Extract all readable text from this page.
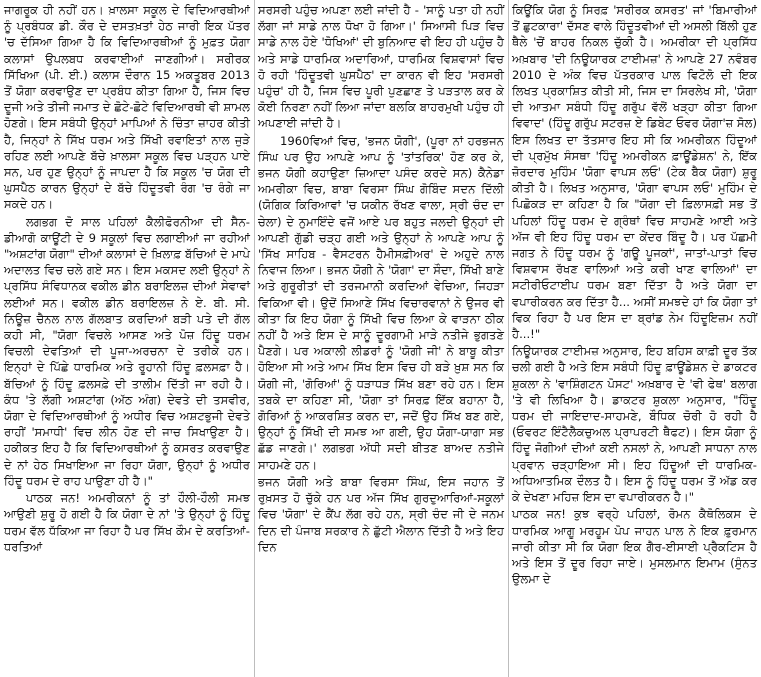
ਜਾਗਰੂਕ ਹੀ ਨਹੀਂ ਹਨ। ਖ਼ਾਲਸਾ ਸਕੂਲ ਦੇ ਵਿਦਿਆਰਥੀਆਂ ਨੂੰ ਪ੍ਰਬੰਧਕ ਡੀ. ਕੌਰ ਦੇ ਦਸਤਖ਼ਤਾਂ ਹੇਠ ਜਾਰੀ ਇਕ ਪੱਤਰ 'ਚ ਦੱਸਿਆ ਗਿਆ ਹੈ ਕਿ ਵਿਦਿਆਰਥੀਆਂ ਨੂੰ ਮੁਫ਼ਤ ਯੋਗਾ ਕਲਾਸਾਂ ਉਪਲਬਧ ਕਰਵਾਈਆਂ ਜਾਣਗੀਆਂ। ਸਰੀਰਕ ਸਿੱਖਿਆ (ਪੀ. ਈ.) ਕਲਾਸ ਦੌਰਾਨ 15 ਅਕਤੂਬਰ 2013 ਤੋਂ ਯੋਗਾ ਕਰਵਾਉਣ ਦਾ ਪ੍ਰਬੰਧ ਕੀਤਾ ਗਿਆ ਹੈ, ਜਿਸ ਵਿਚ ਦੂਜੀ ਅਤੇ ਤੀਜੀ ਜਮਾਤ ਦੇ ਛੋਟੇ-ਛੋਟੇ ਵਿਦਿਆਰਥੀ ਵੀ ਸ਼ਾਮਲ ਹੋਣਗੇ। ਇਸ ਸਬੰਧੀ ਉਨ੍ਹਾਂ ਮਾਪਿਆਂ ਨੇ ਚਿੰਤਾ ਜ਼ਾਹਰ ਕੀਤੀ ਹੈ, ਜਿਨ੍ਹਾਂ ਨੇ ਸਿੱਖ ਧਰਮ ਅਤੇ ਸਿੱਖੀ ਰਵਾਇਤਾਂ ਨਾਲ ਜੁੜੇ ਰਹਿਣ ਲਈ ਆਪਣੇ ਬੱਚੇ ਖ਼ਾਲਸਾ ਸਕੂਲ ਵਿਚ ਪੜ੍ਹਨ ਪਾਏ ਸਨ, ਪਰ ਹੁਣ ਉਨ੍ਹਾਂ ਨੂੰ ਜਾਪਦਾ ਹੈ ਕਿ ਸਕੂਲ 'ਚ ਯੋਗ ਦੀ ਘੁਸਪੈਠ ਕਾਰਨ ਉਨ੍ਹਾਂ ਦੇ ਬੱਚੇ ਹਿੰਦੂਤਵੀ ਰੰਗ 'ਚ ਰੰਗੇ ਜਾ ਸਕਦੇ ਹਨ।

ਲਗਭਗ ਦੋ ਸਾਲ ਪਹਿਲਾਂ ਕੈਲੀਫੋਰਨੀਆ ਦੀ ਸੈਨ-ਡੀਆਗੋ ਕਾਊਂਟੀ ਦੇ 9 ਸਕੂਲਾਂ ਵਿਚ ਲਗਾਈਆਂ ਜਾ ਰਹੀਆਂ "ਅਸ਼ਟਾਂਗ ਯੋਗਾ" ਦੀਆਂ ਕਲਾਸਾਂ ਦੇ ਖ਼ਿਲਾਫ਼ ਬੱਚਿਆਂ ਦੇ ਮਾਪੇ ਅਦਾਲਤ ਵਿਚ ਚਲੇ ਗਏ ਸਨ। ਇਸ ਮਕਸਦ ਲਈ ਉਨ੍ਹਾਂ ਨੇ ਪ੍ਰਸਿੱਧ ਸੰਵਿਧਾਨਕ ਵਕੀਲ ਡੀਨ ਬਰਾਇਲਜ਼ ਦੀਆਂ ਸੇਵਾਵਾਂ ਲਈਆਂ ਸਨ। ਵਕੀਲ ਡੀਨ ਬਰਾਇਲਜ਼ ਨੇ ਏ. ਬੀ. ਸੀ. ਨਿਊਜ਼ ਚੈਨਲ ਨਾਲ ਗੱਲਬਾਤ ਕਰਦਿਆਂ ਬੜੀ ਪਤੇ ਦੀ ਗੱਲ ਕਹੀ ਸੀ, "ਯੋਗਾ ਵਿਚਲੇ ਆਸਣ ਅਤੇ ਪੋਜ਼ ਹਿੰਦੂ ਧਰਮ ਵਿਚਲੀ ਦੇਵਤਿਆਂ ਦੀ ਪੂਜਾ-ਅਰਚਨਾ ਦੇ ਤਰੀਕੇ ਹਨ। ਇਨ੍ਹਾਂ ਦੇ ਪਿੱਛੇ ਧਾਰਮਿਕ ਅਤੇ ਰੂਹਾਨੀ ਹਿੰਦੂ ਫ਼ਲਸਫ਼ਾ ਹੈ। ਬੱਚਿਆਂ ਨੂੰ ਹਿੰਦੂ ਫ਼ਲਸਫ਼ੇ ਦੀ ਤਾਲੀਮ ਦਿੱਤੀ ਜਾ ਰਹੀ ਹੈ। ਕੰਧ 'ਤੇ ਲੱਗੀ ਅਸ਼ਟਾਂਗ (ਅੱਠ ਅੰਗ) ਦੇਵਤੇ ਦੀ ਤਸਵੀਰ, ਯੋਗਾ ਦੇ ਵਿਦਿਆਰਥੀਆਂ ਨੂੰ ਅਧੀਰ ਵਿਚ ਅਸ਼ਟਭੁਜੀ ਦੇਵਤੇ ਰਾਹੀਂ 'ਸਮਾਧੀ' ਵਿਚ ਲੀਨ ਹੋਣ ਦੀ ਜਾਚ ਸਿਖਾਉਣਾ ਹੈ। ਹਕੀਕਤ ਇਹ ਹੈ ਕਿ ਵਿਦਿਆਰਥੀਆਂ ਨੂੰ ਕਸਰਤ ਕਰਵਾਉਣ ਦੇ ਨਾਂ ਹੇਠ ਸਿਖਾਇਆ ਜਾ ਰਿਹਾ ਯੋਗਾ, ਉਨ੍ਹਾਂ ਨੂੰ ਅਧੀਰ ਹਿੰਦੂ ਧਰਮ ਦੇ ਰਾਹ ਪਾਉਣਾ ਹੀ ਹੈ।"

ਪਾਠਕ ਜਨ! ਅਮਰੀਕਨਾਂ ਨੂੰ ਤਾਂ ਹੌਲੀ-ਹੌਲੀ ਸਮਝ ਆਉਣੀ ਸ਼ੁਰੂ ਹੋ ਗਈ ਹੈ ਕਿ ਯੋਗਾ ਦੇ ਨਾਂ 'ਤੇ ਉਨ੍ਹਾਂ ਨੂੰ ਹਿੰਦੂ ਧਰਮ ਵੱਲ ਧੱਕਿਆ ਜਾ ਰਿਹਾ ਹੈ ਪਰ ਸਿੱਖ ਕੌਮ ਦੇ ਕਰਤਿਆਂ-ਧਰਤਿਆਂ

ਸਰਸਰੀ ਪਹੁੰਚ ਅਪਣਾ ਲਈ ਜਾਂਦੀ ਹੈ - 'ਸਾਨੂੰ ਪਤਾ ਹੀ ਨਹੀਂ ਲੱਗਾ ਜਾਂ ਸਾਡੇ ਨਾਲ ਧੋਖਾ ਹੋ ਗਿਆ।' ਸਿਆਸੀ ਪਿੜ ਵਿਚ ਸਾਡੇ ਨਾਲ ਹੋਏ 'ਧੋਖਿਆਂ' ਦੀ ਬੁਨਿਆਦ ਵੀ ਇਹ ਹੀ ਪਹੁੰਚ ਹੈ ਅਤੇ ਸਾਡੇ ਧਾਰਮਿਕ ਅਦਾਰਿਆਂ, ਧਾਰਮਿਕ ਵਿਸ਼ਵਾਸਾਂ ਵਿਚ ਹੋ ਰਹੀ 'ਹਿੰਦੂਤਵੀ ਘੁਸਪੈਠ' ਦਾ ਕਾਰਨ ਵੀ ਇਹ 'ਸਰਸਰੀ ਪਹੁੰਚ' ਹੀ ਹੈ, ਜਿਸ ਵਿਚ ਪੂਰੀ ਪੁਣਛਾਣ ਤੇ ਪੜਤਾਲ ਕਰ ਕੇ ਕੋਈ ਨਿਰਣਾ ਨਹੀਂ ਲਿਆ ਜਾਂਦਾ ਬਲਕਿ ਬਾਹਰਮੁਖੀ ਪਹੁੰਚ ਹੀ ਅਪਣਾਈ ਜਾਂਦੀ ਹੈ।

1960ਵਿਆਂ ਵਿਚ, 'ਭਜਨ ਯੋਗੀ', (ਪੂਰਾ ਨਾਂ ਹਰਭਜਨ ਸਿੰਘ ਪਰ ਉਹ ਆਪਣੇ ਆਪ ਨੂੰ 'ਤਾਂਤਰਿਕ' ਹੋਣ ਕਰ ਕੇ, ਭਜਨ ਯੋਗੀ ਕਹਾਉਣਾ ਜ਼ਿਆਦਾ ਪਸੰਦ ਕਰਦੇ ਸਨ) ਕੈਨੇਡਾ ਅਮਰੀਕਾ ਵਿਚ, ਬਾਬਾ ਵਿਰਸਾ ਸਿੰਘ ਗੋਬਿੰਦ ਸਦਨ ਦਿੱਲੀ (ਯੋਗਿਕ ਕਿਰਿਆਵਾਂ 'ਚ ਯਕੀਨ ਰੱਖਣ ਵਾਲਾ, ਸ੍ਰੀ ਚੰਦ ਦਾ ਚੇਲਾ) ਦੇ ਨੁਮਾਇੰਦੇ ਵਜੋਂ ਆਏ ਪਰ ਬਹੁਤ ਜਲਦੀ ਉਨ੍ਹਾਂ ਦੀ ਆਪਣੀ ਗੁੱਡੀ ਚੜ੍ਹ ਗਈ ਅਤੇ ਉਨ੍ਹਾਂ ਨੇ ਆਪਣੇ ਆਪ ਨੂੰ 'ਸਿੱਖ ਸਾਹਿਬ - ਵੈਸਟਰਨ ਹੈਮੀਸਫ਼ੀਅਰ' ਦੇ ਅਹੁਦੇ ਨਾਲ ਨਿਵਾਜ ਲਿਆ। ਭਜਨ ਯੋਗੀ ਨੇ 'ਯੋਗਾ' ਦਾ ਸੌਦਾ, ਸਿੱਖੀ ਬਾਣੇ ਅਤੇ ਗੁਰੂਰੀਤਾਂ ਦੀ ਤਰਜਮਾਨੀ ਕਰਦਿਆਂ ਵੇਚਿਆ, ਜਿਹੜਾ ਵਿਕਿਆ ਵੀ। ਉਦੋਂ ਸਿਆਣੇ ਸਿੱਖ ਵਿਚਾਰਵਾਨਾਂ ਨੇ ਉਜਰ ਵੀ ਕੀਤਾ ਕਿ ਇਹ ਯੋਗਾ ਨੂੰ ਸਿੱਖੀ ਵਿਚ ਲਿਆ ਕੇ ਵਾੜਨਾ ਠੀਕ ਨਹੀਂ ਹੈ ਅਤੇ ਇਸ ਦੇ ਸਾਨੂੰ ਦੂਰਗਾਮੀ ਮਾੜੇ ਨਤੀਜੇ ਭੁਗਤਣੇ ਪੈਣਗੇ। ਪਰ ਅਕਾਲੀ ਲੀਡਰਾਂ ਨੂੰ 'ਯੋਗੀ ਜੀ' ਨੇ ਬਾਬੂ ਕੀਤਾ ਹੋਇਆ ਸੀ ਅਤੇ ਆਮ ਸਿੱਖ ਇਸ ਵਿਚ ਹੀ ਬੜੇ ਖ਼ੁਸ਼ ਸਨ ਕਿ ਯੋਗੀ ਜੀ, 'ਗੋਰਿਆਂ' ਨੂੰ ਧੜਾਧੜ ਸਿੱਖ ਬਣਾ ਰਹੇ ਹਨ। ਇਸ ਤਬਕੇ ਦਾ ਕਹਿਣਾ ਸੀ, 'ਯੋਗਾ ਤਾਂ ਸਿਰਫ਼ ਇੱਕ ਬਹਾਨਾ ਹੈ, ਗੋਰਿਆਂ ਨੂੰ ਆਕਰਸ਼ਿਤ ਕਰਨ ਦਾ, ਜਦੋਂ ਉਹ ਸਿੱਖ ਬਣ ਗਏ, ਉਨ੍ਹਾਂ ਨੂੰ ਸਿੱਖੀ ਦੀ ਸਮਝ ਆ ਗਈ, ਉਹ ਯੋਗਾ-ਯਾਗਾ ਸਭ ਛੱਡ ਜਾਣਗੇ।' ਲਗਭਗ ਅੱਧੀ ਸਦੀ ਬੀਤਣ ਬਾਅਦ ਨਤੀਜੇ ਸਾਹਮਣੇ ਹਨ।

ਭਜਨ ਯੋਗੀ ਅਤੇ ਬਾਬਾ ਵਿਰਸਾ ਸਿੰਘ, ਇਸ ਜਹਾਨ ਤੋਂ ਰੁਖ਼ਸਤ ਹੋ ਚੁੱਕੇ ਹਨ ਪਰ ਅੱਜ ਸਿੱਖ ਗੁਰਦੁਆਰਿਆਂ-ਸਕੂਲਾਂ ਵਿਚ 'ਯੋਗਾ' ਦੇ ਕੈਂਪ ਲੱਗ ਰਹੇ ਹਨ, ਸ੍ਰੀ ਚੰਦ ਜੀ ਦੇ ਜਨਮ ਦਿਨ ਦੀ ਪੰਜਾਬ ਸਰਕਾਰ ਨੇ ਛੁੱਟੀ ਐਲਾਨ ਦਿੱਤੀ ਹੈ ਅਤੇ ਇਹ ਦਿਨ

ਕਿਊਂਕਿ ਯੋਗ ਨੂੰ ਸਿਰਫ਼ 'ਸਰੀਰਕ ਕਸਰਤ' ਜਾਂ 'ਬਿਮਾਰੀਆਂ ਤੋਂ ਛੁਟਕਾਰਾ' ਦੱਸਣ ਵਾਲੇ ਹਿੰਦੂਤਵੀਆਂ ਦੀ ਅਸਲੀ ਬਿੱਲੀ ਹੁਣ ਥੈਲੇ 'ਚੋਂ ਬਾਹਰ ਨਿਕਲ ਚੁੱਕੀ ਹੈ। ਅਮਰੀਕਾ ਦੀ ਪ੍ਰਸਿੱਧ ਅਖ਼ਬਾਰ 'ਦੀ ਨਿਊਯਾਰਕ ਟਾਈਮਜ਼' ਨੇ ਆਪਣੇ 27 ਨਵੰਬਰ 2010 ਦੇ ਅੰਕ ਵਿਚ ਪੱਤਰਕਾਰ ਪਾਲ ਵਿਟੋਲੋ ਦੀ ਇਕ ਲਿਖਤ ਪ੍ਰਕਾਸ਼ਿਤ ਕੀਤੀ ਸੀ, ਜਿਸ ਦਾ ਸਿਰਲੇਖ ਸੀ, 'ਯੋਗਾ ਦੀ ਆਤਮਾ ਸਬੰਧੀ ਹਿੰਦੂ ਗਰੁੱਪ ਵੱਲੋਂ ਖੜ੍ਹਾ ਕੀਤਾ ਗਿਆ ਵਿਵਾਦ' (ਹਿੰਦੂ ਗਰੁੱਪ ਸਟਰਜ਼ ਏ ਡਿਬੇਟ ਓਵਰ ਯੋਗਾ'ਜ਼ ਸੋਲ) ਇਸ ਲਿਖਤ ਦਾ ਤੱਤਸਾਰ ਇਹ ਸੀ ਕਿ ਅਮਰੀਕਨ ਹਿੰਦੂਆਂ ਦੀ ਪ੍ਰਮੁੱਖ ਸੰਸਥਾ 'ਹਿੰਦੂ ਅਮਰੀਕਨ ਫ਼ਾਊਂਡੇਸ਼ਨ' ਨੇ, ਇੱਕ ਜ਼ੋਰਦਾਰ ਮੁਹਿੰਮ 'ਯੋਗਾ ਵਾਪਸ ਲਓ' (ਟੇਕ ਬੈਕ ਯੋਗਾ) ਸ਼ੁਰੂ ਕੀਤੀ ਹੈ। ਲਿਖਤ ਅਨੁਸਾਰ, 'ਯੋਗਾ ਵਾਪਸ ਲਓ' ਮੁਹਿੰਮ ਦੇ ਪਿਛੋਕੜ ਦਾ ਕਹਿਣਾ ਹੈ ਕਿ "ਯੋਗਾ ਦੀ ਫ਼ਿਲਾਸਫ਼ੀ ਸਭ ਤੋਂ ਪਹਿਲਾਂ ਹਿੰਦੂ ਧਰਮ ਦੇ ਗ੍ਰੰਥਾਂ ਵਿਚ ਸਾਹਮਣੇ ਆਈ ਅਤੇ ਅੱਜ ਵੀ ਇਹ ਹਿੰਦੂ ਧਰਮ ਦਾ ਕੇਂਦਰ ਬਿੰਦੂ ਹੈ। ਪਰ ਪੱਛਮੀ ਜਗਤ ਨੇ ਹਿੰਦੂ ਧਰਮ ਨੂੰ 'ਗਊ ਪੂਜਕਾਂ', ਜਾਤਾਂ-ਪਾਤਾਂ ਵਿਚ ਵਿਸ਼ਵਾਸ ਰੱਖਣ ਵਾਲਿਆਂ ਅਤੇ ਕਰੀ ਖਾਣ ਵਾਲਿਆਂ' ਦਾ ਸਟੀਰੀਓਟਾਈਪ ਧਰਮ ਬਣਾ ਦਿੱਤਾ ਹੈ ਅਤੇ ਯੋਗਾ ਦਾ ਵਪਾਰੀਕਰਨ ਕਰ ਦਿੱਤਾ ਹੈ... ਅਸੀਂ ਸਮਝਦੇ ਹਾਂ ਕਿ ਯੋਗਾ ਤਾਂ ਵਿਕ ਰਿਹਾ ਹੈ ਪਰ ਇਸ ਦਾ ਬ੍ਰਾਂਡ ਨੇਮ ਹਿੰਦੂਇਜ਼ਮ ਨਹੀਂ ਹੈ...!"

ਨਿਊਯਾਰਕ ਟਾਈਮਜ਼ ਅਨੁਸਾਰ, ਇਹ ਬਹਿਸ ਕਾਫ਼ੀ ਦੂਰ ਤੱਕ ਚਲੀ ਗਈ ਹੈ ਅਤੇ ਇਸ ਸਬੰਧੀ ਹਿੰਦੂ ਫ਼ਾਊਂਡੇਸ਼ਨ ਦੇ ਡਾਕਟਰ ਸ਼ੁਕਲਾ ਨੇ 'ਵਾਸ਼ਿੰਗਟਨ ਪੋਸਟ' ਅਖ਼ਬਾਰ ਦੇ 'ਵੀ ਫੇਥ' ਬਲਾਗ 'ਤੇ ਵੀ ਲਿਖਿਆ ਹੈ। ਡਾਕਟਰ ਸ਼ੁਕਲਾ ਅਨੁਸਾਰ, "ਹਿੰਦੂ ਧਰਮ ਦੀ ਜਾਇਦਾਦ-ਸਾਹਮਣੇ, ਬੌਧਿਕ ਚੋਰੀ ਹੋ ਰਹੀ ਹੈ (ਓਵਰਟ ਇੰਟੈਲੈਕਚੁਅਲ ਪ੍ਰਾਪਰਟੀ ਥੈਫਟ)। ਇਸ ਯੋਗਾ ਨੂੰ ਹਿੰਦੂ ਜੋਗੀਆਂ ਦੀਆਂ ਕਈ ਨਸਲਾਂ ਨੇ, ਆਪਣੀ ਸਾਧਨਾ ਨਾਲ ਪ੍ਰਵਾਨ ਚੜ੍ਹਾਇਆ ਸੀ। ਇਹ ਹਿੰਦੂਆਂ ਦੀ ਧਾਰਮਿਕ-ਅਧਿਆਤਮਿਕ ਦੌਲਤ ਹੈ। ਇਸ ਨੂੰ ਹਿੰਦੂ ਧਰਮ ਤੋਂ ਅੱਡ ਕਰ ਕੇ ਦੇਖਣਾ ਮਹਿਜ਼ ਇਸ ਦਾ ਵਪਾਰੀਕਰਨ ਹੈ।"

ਪਾਠਕ ਜਨ! ਕੁਝ ਵਰ੍ਹੇ ਪਹਿਲਾਂ, ਰੋਮਨ ਕੈਥੋਲਿਕਸ ਦੇ ਧਾਰਮਿਕ ਆਗੂ ਮਰਹੂਮ ਪੋਪ ਜਾਹਨ ਪਾਲ ਨੇ ਇਕ ਫ਼ੁਰਮਾਨ ਜਾਰੀ ਕੀਤਾ ਸੀ ਕਿ ਯੋਗਾ ਇਕ ਗੈਰ-ਈਸਾਈ ਪ੍ਰੈਕਟਿਸ ਹੈ ਅਤੇ ਇਸ ਤੋਂ ਦੂਰ ਰਿਹਾ ਜਾਏ। ਮੁਸਲਮਾਨ ਇਮਾਮ (ਸੁੰਨਤ ਉਲਮਾ ਦੇ
